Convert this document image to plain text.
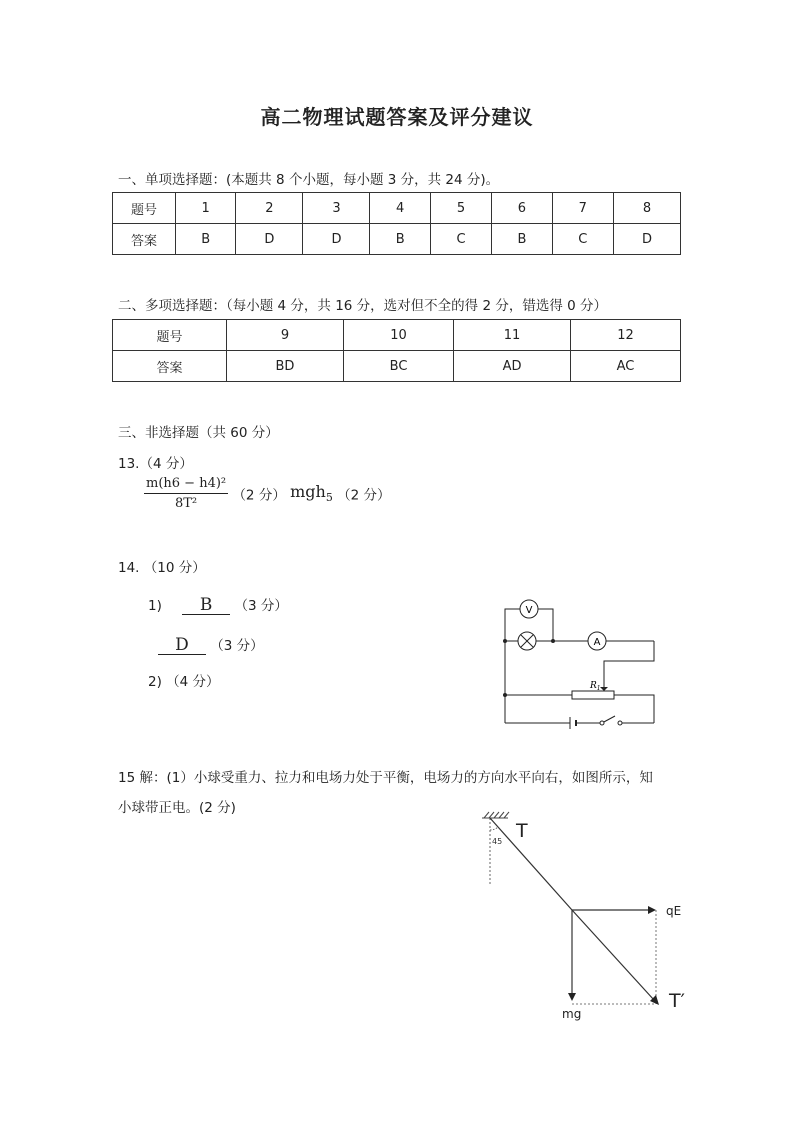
高二物理试题答案及评分建议
一、单项选择题：(本题共 8 个小题，每小题 3 分，共 24 分)。
题号	1	2	3	4	5	6	7	8
答案	B	D	D	B	C	B	C	D
二、多项选择题：（每小题 4 分，共 16 分，选对但不全的得 2 分，错选得 0 分）
题号	9	10	11	12
答案	BD	BC	AD	AC
三、非选择题（共 60 分）
13.（4 分）
$\frac{\text{m(h6 − h4)²}}{\text{8T²}} (2$ 分） mgh$_5$ （2 分）
14. （10 分）
1) B （3 分）
D （3 分）
2) （4 分）
V
A
$R_1$
15 解：(1）小球受重力、拉力和电场力处于平衡，电场力的方向水平向右，如图所示，知
小球带正电。(2 分)
45 T
qE
mg
T′
